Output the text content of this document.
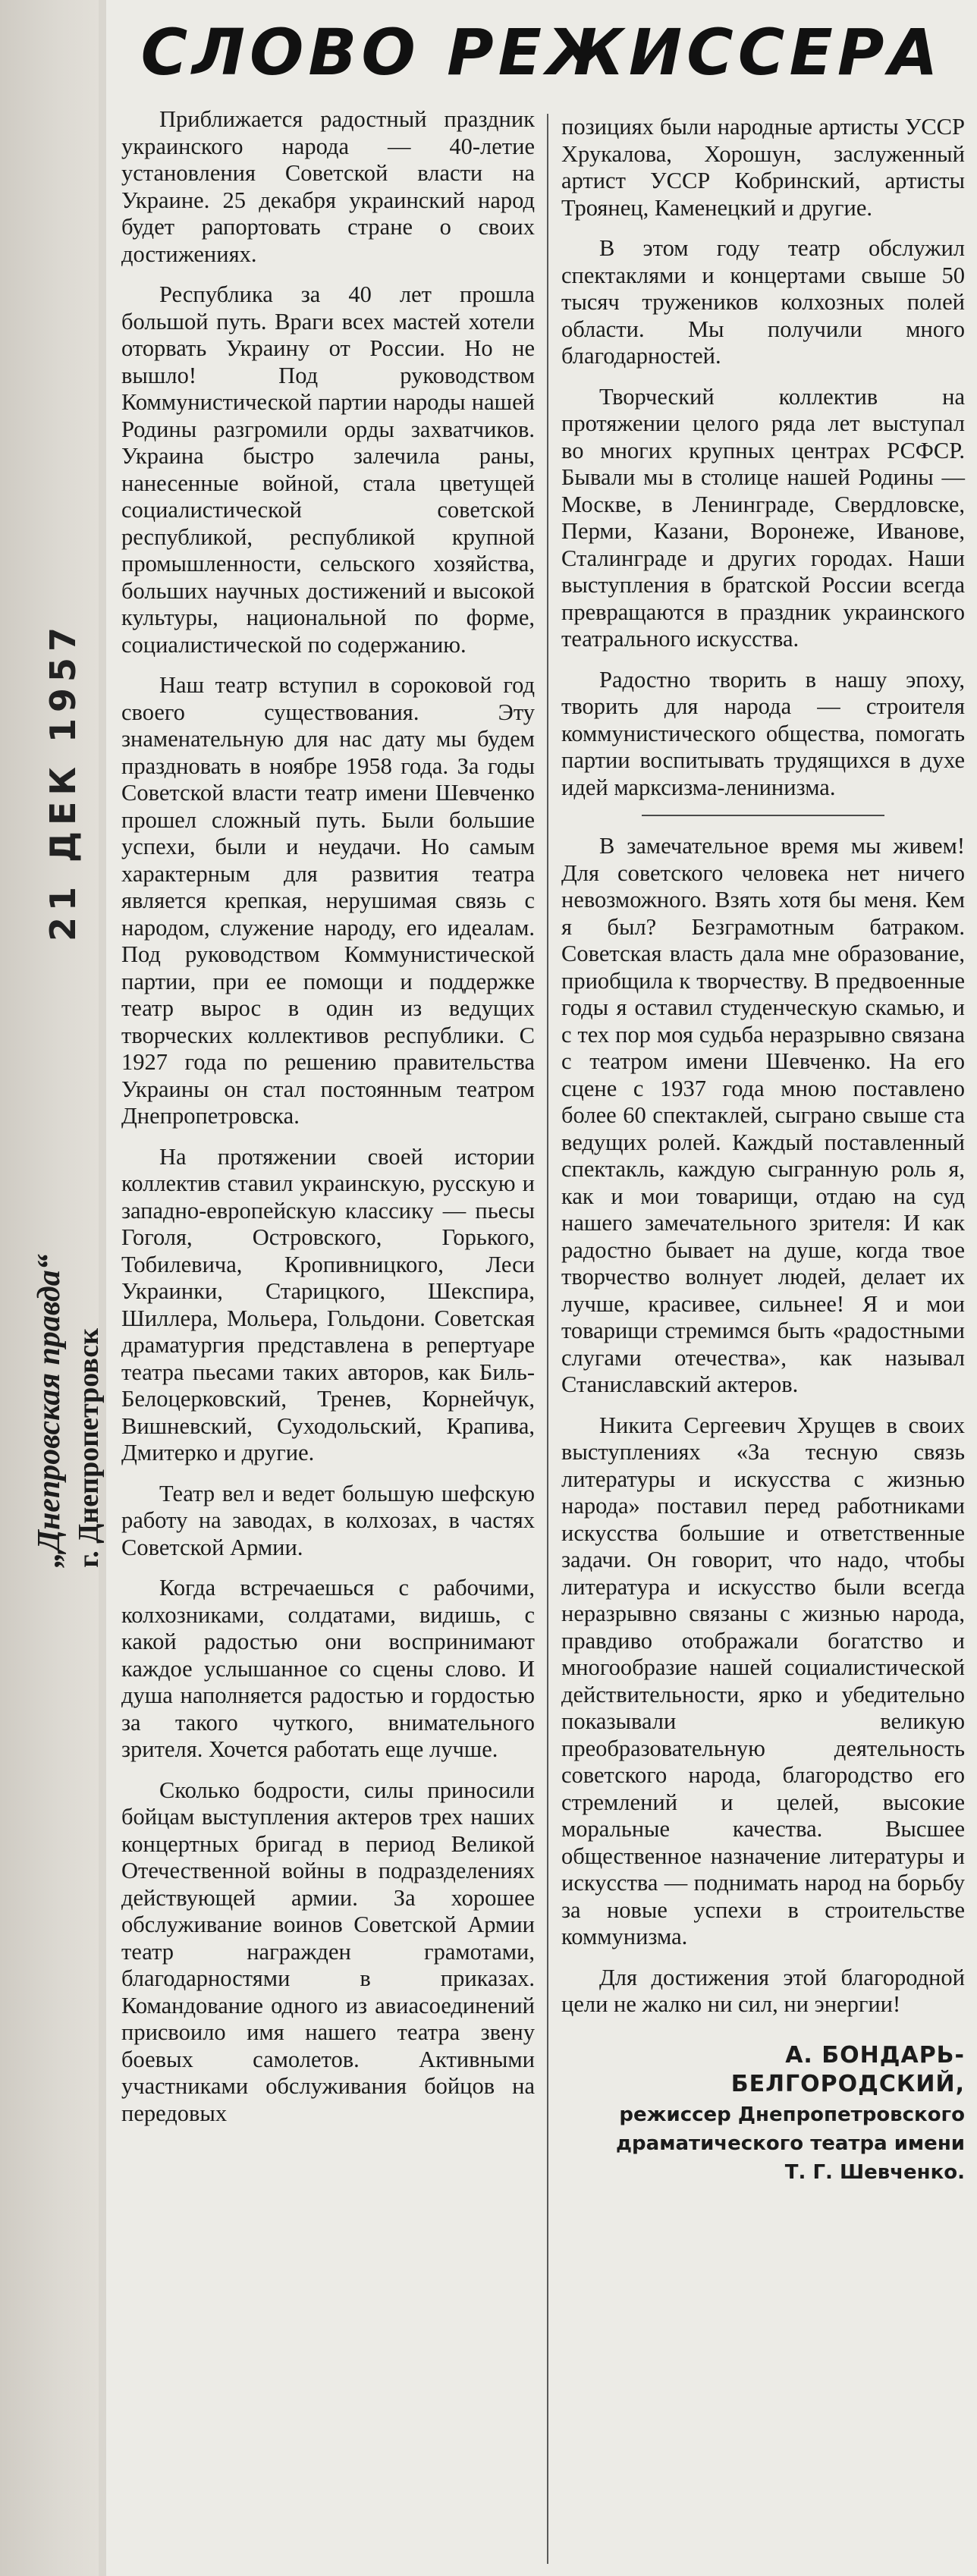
21 ДЕК 1957
„Днепровская правда“ г. Днепропетровск
СЛОВО РЕЖИССЕРА

Приближается радостный праздник украинского народа — 40-летие установления Советской власти на Украине. 25 декабря украинский народ будет рапортовать стране о своих достижениях.

Республика за 40 лет прошла большой путь. Враги всех мастей хотели оторвать Украину от России. Но не вышло! Под руководством Коммунистической партии народы нашей Родины разгромили орды захватчиков. Украина быстро залечила раны, нанесенные войной, стала цветущей социалистической советской республикой, республикой крупной промышленности, сельского хозяйства, больших научных достижений и высокой культуры, национальной по форме, социалистической по содержанию.

Наш театр вступил в сороковой год своего существования. Эту знаменательную для нас дату мы будем праздновать в ноябре 1958 года. За годы Советской власти театр имени Шевченко прошел сложный путь. Были большие успехи, были и неудачи. Но самым характерным для развития театра является крепкая, нерушимая связь с народом, служение народу, его идеалам. Под руководством Коммунистической партии, при ее помощи и поддержке театр вырос в один из ведущих творческих коллективов республики. С 1927 года по решению правительства Украины он стал постоянным театром Днепропетровска.

На протяжении своей истории коллектив ставил украинскую, русскую и западно-европейскую классику — пьесы Гоголя, Островского, Горького, Тобилевича, Кропивницкого, Леси Украинки, Старицкого, Шекспира, Шиллера, Мольера, Гольдони. Советская драматургия представлена в репертуаре театра пьесами таких авторов, как Биль-Белоцерковский, Тренев, Корнейчук, Вишневский, Суходольский, Крапива, Дмитерко и другие.

Театр вел и ведет большую шефскую работу на заводах, в колхозах, в частях Советской Армии.

Когда встречаешься с рабочими, колхозниками, солдатами, видишь, с какой радостью они воспринимают каждое услышанное со сцены слово. И душа наполняется радостью и гордостью за такого чуткого, внимательного зрителя. Хочется работать еще лучше.

Сколько бодрости, силы приносили бойцам выступления актеров трех наших концертных бригад в период Великой Отечественной войны в подразделениях действующей армии. За хорошее обслуживание воинов Советской Армии театр награжден грамотами, благодарностями в приказах. Командование одного из авиасоединений присвоило имя нашего театра звену боевых самолетов. Активными участниками обслуживания бойцов на передовых

позициях были народные артисты УССР Хрукалова, Хорошун, заслуженный артист УССР Кобринский, артисты Троянец, Каменецкий и другие.

В этом году театр обслужил спектаклями и концертами свыше 50 тысяч тружеников колхозных полей области. Мы получили много благодарностей.

Творческий коллектив на протяжении целого ряда лет выступал во многих крупных центрах РСФСР. Бывали мы в столице нашей Родины — Москве, в Ленинграде, Свердловске, Перми, Казани, Воронеже, Иванове, Сталинграде и других городах. Наши выступления в братской России всегда превращаются в праздник украинского театрального искусства.

Радостно творить в нашу эпоху, творить для народа — строителя коммунистического общества, помогать партии воспитывать трудящихся в духе идей марксизма-ленинизма.

В замечательное время мы живем! Для советского человека нет ничего невозможного. Взять хотя бы меня. Кем я был? Безграмотным батраком. Советская власть дала мне образование, приобщила к творчеству. В предвоенные годы я оставил студенческую скамью, и с тех пор моя судьба неразрывно связана с театром имени Шевченко. На его сцене с 1937 года мною поставлено более 60 спектаклей, сыграно свыше ста ведущих ролей. Каждый поставленный спектакль, каждую сыгранную роль я, как и мои товарищи, отдаю на суд нашего замечательного зрителя: И как радостно бывает на душе, когда твое творчество волнует людей, делает их лучше, красивее, сильнее! Я и мои товарищи стремимся быть «радостными слугами отечества», как называл Станиславский актеров.

Никита Сергеевич Хрущев в своих выступлениях «За тесную связь литературы и искусства с жизнью народа» поставил перед работниками искусства большие и ответственные задачи. Он говорит, что надо, чтобы литература и искусство были всегда неразрывно связаны с жизнью народа, правдиво отображали богатство и многообразие нашей социалистической действительности, ярко и убедительно показывали великую преобразовательную деятельность советского народа, благородство его стремлений и целей, высокие моральные качества. Высшее общественное назначение литературы и искусства — поднимать народ на борьбу за новые успехи в строительстве коммунизма.

Для достижения этой благородной цели не жалко ни сил, ни энергии!

А. БОНДАРЬ-
БЕЛГОРОДСКИЙ,
режиссер Днепропетровского
драматического театра имени
Т. Г. Шевченко.
